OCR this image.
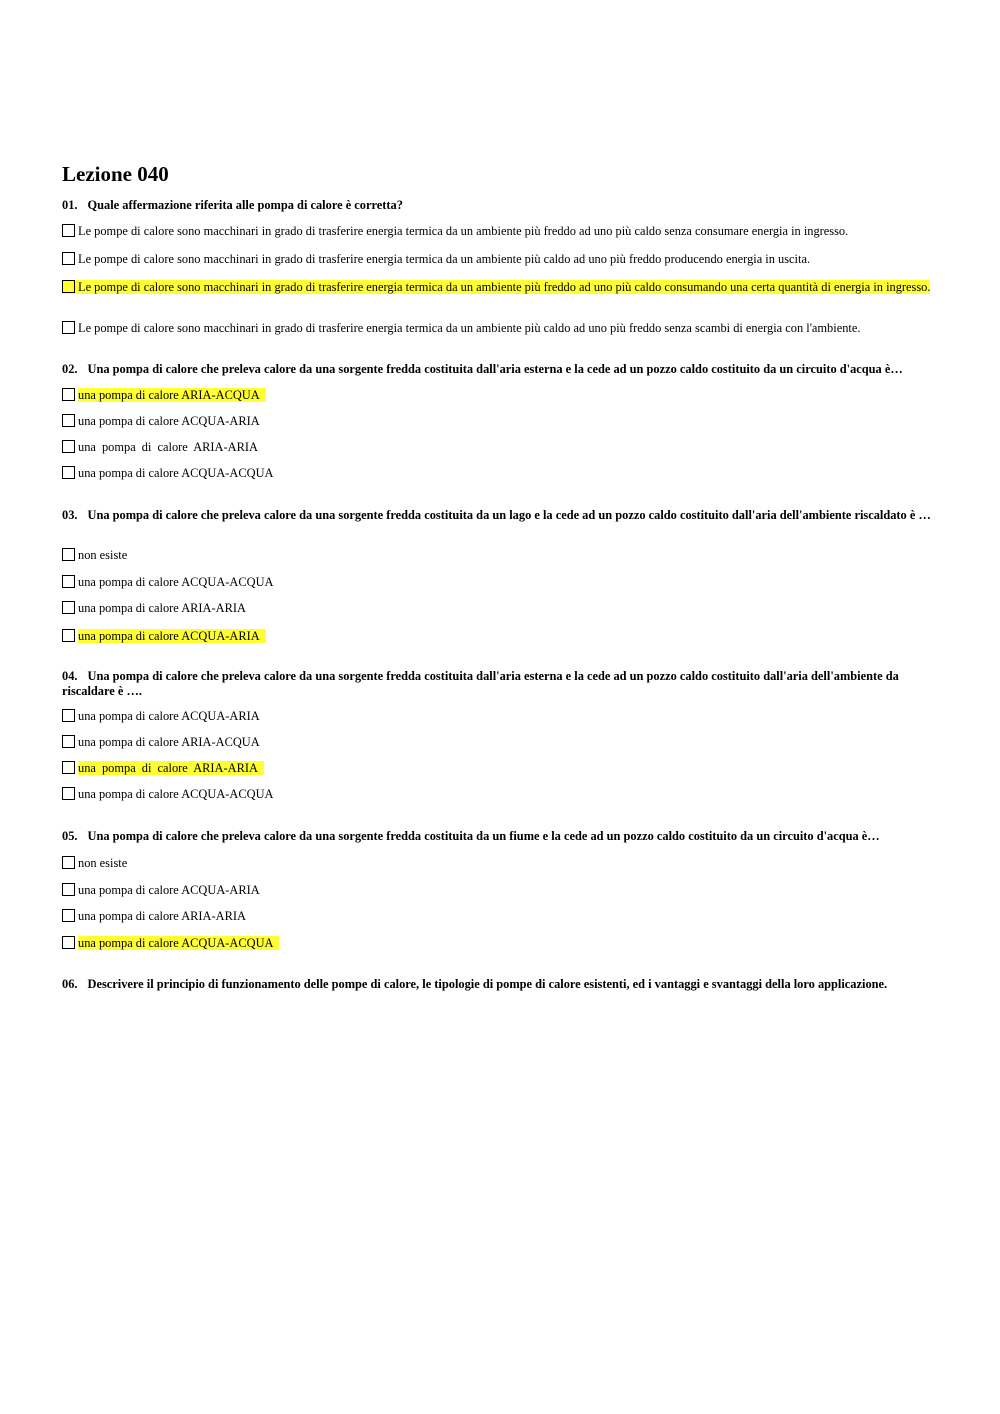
Lezione 040
01. Quale affermazione riferita alle pompa di calore è corretta?
Le pompe di calore sono macchinari in grado di trasferire energia termica da un ambiente più freddo ad uno più caldo senza consumare energia in ingresso.
Le pompe di calore sono macchinari in grado di trasferire energia termica da un ambiente più caldo ad uno più freddo producendo energia in uscita.
Le pompe di calore sono macchinari in grado di trasferire energia termica da un ambiente più freddo ad uno più caldo consumando una certa quantità di energia in ingresso.
Le pompe di calore sono macchinari in grado di trasferire energia termica da un ambiente più caldo ad uno più freddo senza scambi di energia con l'ambiente.
02. Una pompa di calore che preleva calore da una sorgente fredda costituita dall'aria esterna e la cede ad un pozzo caldo costituito da un circuito d'acqua è…
una pompa di calore ARIA-ACQUA
una pompa di calore ACQUA-ARIA
una pompa di calore ARIA-ARIA
una pompa di calore ACQUA-ACQUA
03. Una pompa di calore che preleva calore da una sorgente fredda costituita da un lago e la cede ad un pozzo caldo costituito dall'aria dell'ambiente riscaldato è …
non esiste
una pompa di calore ACQUA-ACQUA
una pompa di calore ARIA-ARIA
una pompa di calore ACQUA-ARIA
04. Una pompa di calore che preleva calore da una sorgente fredda costituita dall'aria esterna e la cede ad un pozzo caldo costituito dall'aria dell'ambiente da riscaldare è ….
una pompa di calore ACQUA-ARIA
una pompa di calore ARIA-ACQUA
una pompa di calore ARIA-ARIA
una pompa di calore ACQUA-ACQUA
05. Una pompa di calore che preleva calore da una sorgente fredda costituita da un fiume e la cede ad un pozzo caldo costituito da un circuito d'acqua è…
non esiste
una pompa di calore ACQUA-ARIA
una pompa di calore ARIA-ARIA
una pompa di calore ACQUA-ACQUA
06. Descrivere il principio di funzionamento delle pompe di calore, le tipologie di pompe di calore esistenti, ed i vantaggi e svantaggi della loro applicazione.
